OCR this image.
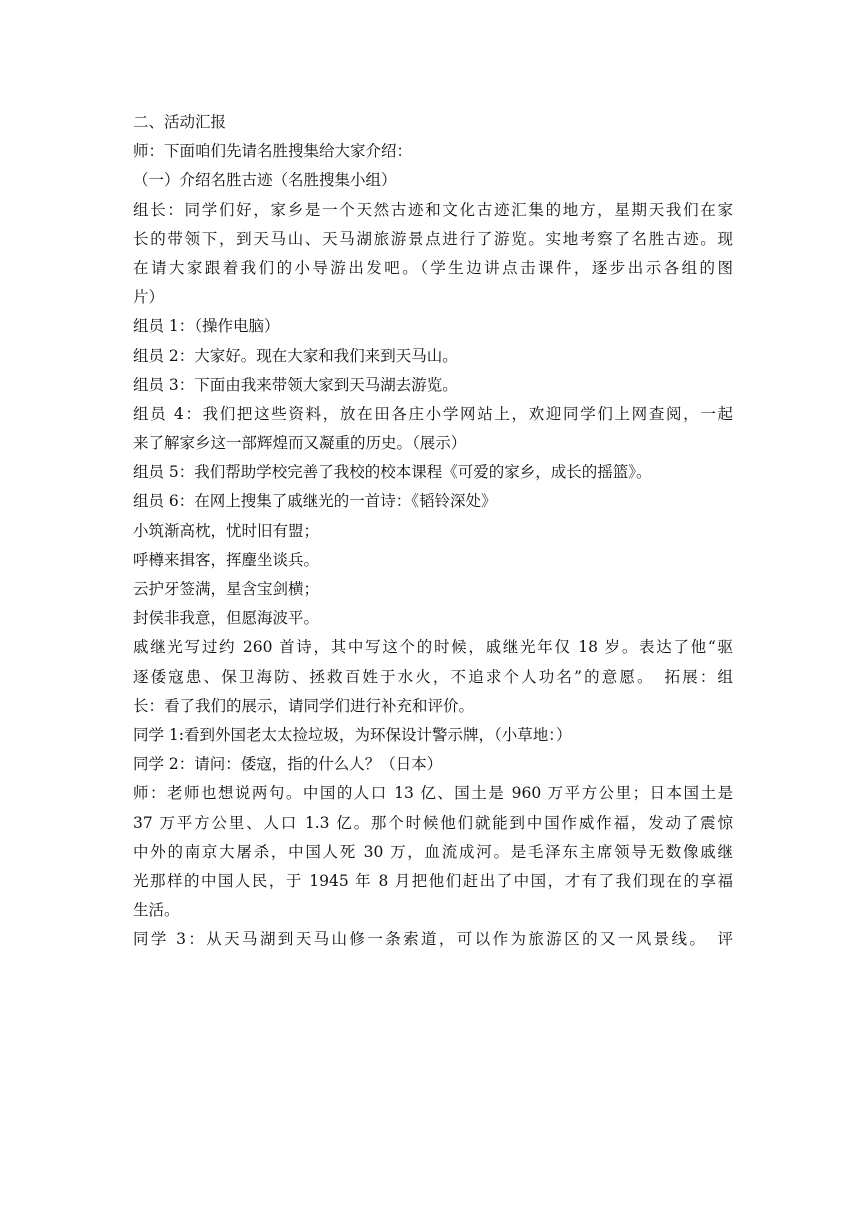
二、活动汇报
师：下面咱们先请名胜搜集给大家介绍：
（一）介绍名胜古迹（名胜搜集小组）
组长：同学们好，家乡是一个天然古迹和文化古迹汇集的地方，星期天我们在家
长的带领下，到天马山、天马湖旅游景点进行了游览。实地考察了名胜古迹。现
在请大家跟着我们的小导游出发吧。（学生边讲点击课件，逐步出示各组的图
片）
组员 1：（操作电脑）
组员 2：大家好。现在大家和我们来到天马山。
组员 3：下面由我来带领大家到天马湖去游览。
组员 4：我们把这些资料，放在田各庄小学网站上，欢迎同学们上网查阅，一起
来了解家乡这一部辉煌而又凝重的历史。（展示）
组员 5：我们帮助学校完善了我校的校本课程《可爱的家乡，成长的摇篮》。
组员 6：在网上搜集了戚继光的一首诗：《韬铃深处》
小筑渐高枕，忧时旧有盟；
呼樽来揖客，挥麈坐谈兵。
云护牙签满，星含宝剑横；
封侯非我意，但愿海波平。
戚继光写过约 260 首诗，其中写这个的时候，戚继光年仅 18 岁。表达了他“驱
逐倭寇患、保卫海防、拯救百姓于水火，不追求个人功名”的意愿。　拓展：组
长：看了我们的展示，请同学们进行补充和评价。
同学 1:看到外国老太太捡垃圾，为环保设计警示牌，（小草地：）
同学 2：请问：倭寇，指的什么人？（日本）
师：老师也想说两句。中国的人口 13 亿、国土是 960 万平方公里；日本国土是
37 万平方公里、人口 1.3 亿。那个时候他们就能到中国作威作福，发动了震惊
中外的南京大屠杀，中国人死 30 万，血流成河。是毛泽东主席领导无数像戚继
光那样的中国人民，于 1945 年 8 月把他们赶出了中国，才有了我们现在的享福
生活。
同学 3：从天马湖到天马山修一条索道，可以作为旅游区的又一风景线。　评
